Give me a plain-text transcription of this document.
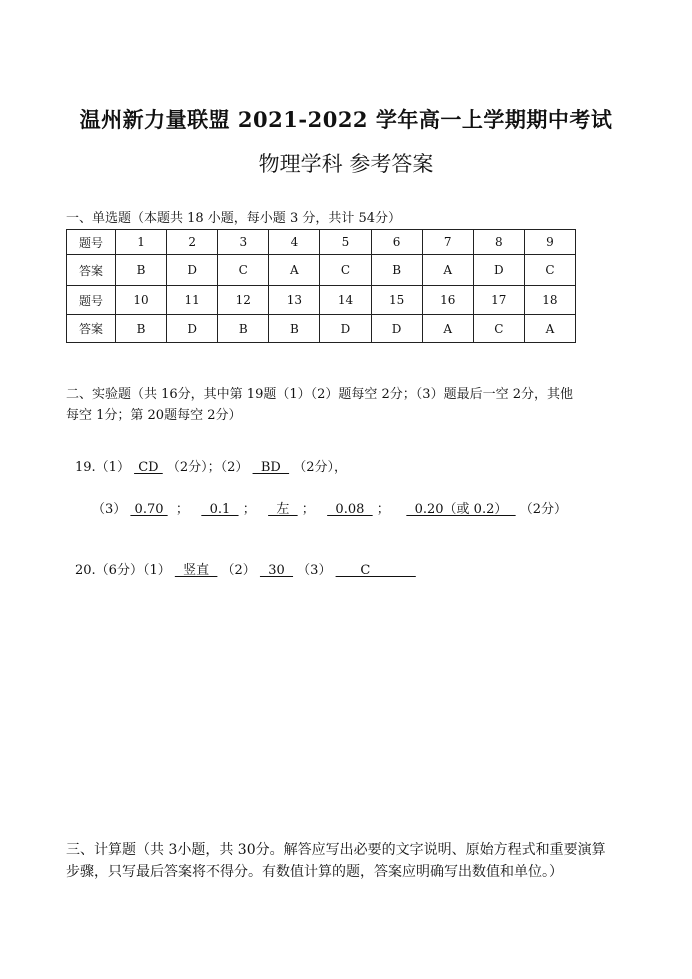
温州新力量联盟 2021-2022 学年高一上学期期中考试
物理学科 参考答案
一、单选题（本题共 18 小题，每小题 3 分，共计 54分）
题号	1	2	3	4	5	6	7	8	9
答案	B	D	C	A	C	B	A	D	C
题号	10	11	12	13	14	15	16	17	18
答案	B	D	B	B	D	D	A	C	A
二、实验题（共 16分，其中第 19题（1）（2）题每空 2分；（3）题最后一空 2分，其他
每空 1分；第 20题每空 2分）
19.（1）  CD  （2分）；（2）   BD   （2分），
（3）  0.70   ；     0.1   ；     左   ；     0.08   ；      0.20（或 0.2）   （2分）
20.（6分）（1）   竖直   （2）   30   （3）       C
三、计算题（共 3小题，共 30分。解答应写出必要的文字说明、原始方程式和重要演算
步骤，只写最后答案将不得分。有数值计算的题，答案应明确写出数值和单位。）
